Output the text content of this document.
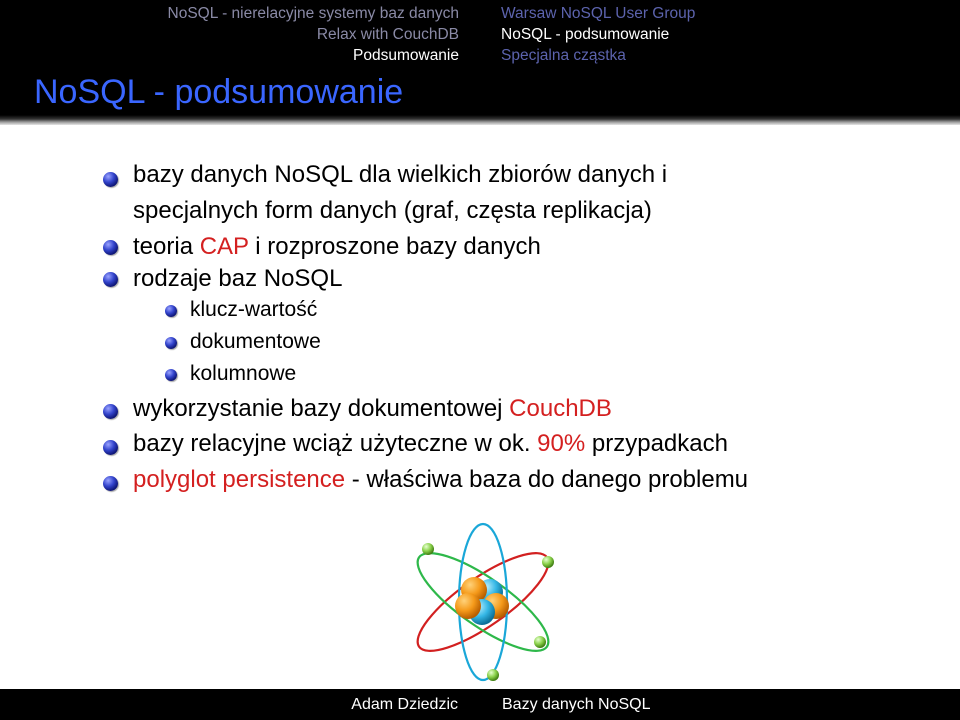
NoSQL - nierelacyjne systemy baz danych
Relax with CouchDB
Podsumowanie
Warsaw NoSQL User Group
NoSQL - podsumowanie
Specjalna cząstka
NoSQL - podsumowanie
bazy danych NoSQL dla wielkich zbiorów danych i
specjalnych form danych (graf, częsta replikacja)
teoria CAP i rozproszone bazy danych
rodzaje baz NoSQL
klucz-wartość
dokumentowe
kolumnowe
wykorzystanie bazy dokumentowej CouchDB
bazy relacyjne wciąż użyteczne w ok. 90% przypadkach
polyglot persistence - właściwa baza do danego problemu
Adam Dziedzic	Bazy danych NoSQL
